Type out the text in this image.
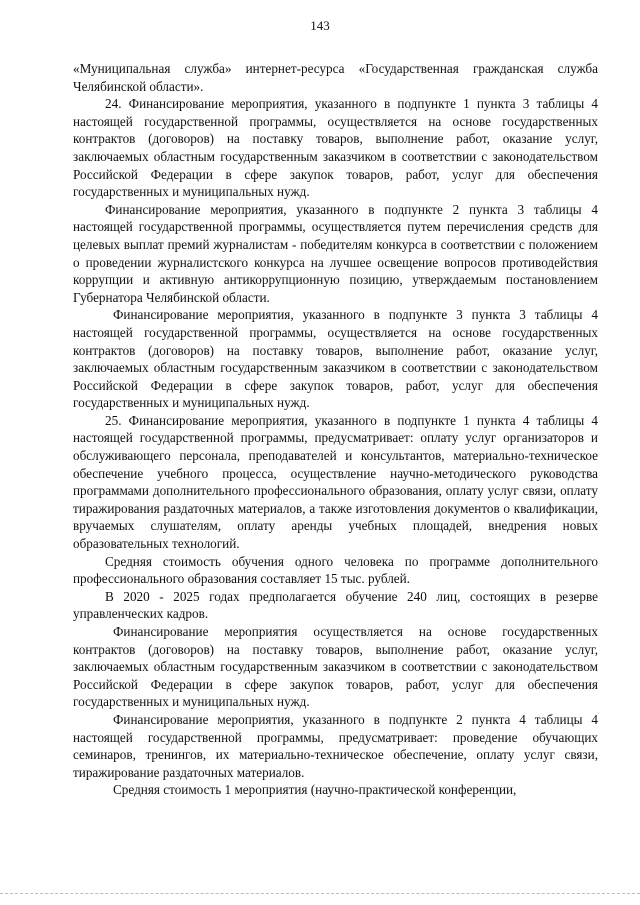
143

«Муниципальная служба» интернет-ресурса «Государственная гражданская служба Челябинской области».

24. Финансирование мероприятия, указанного в подпункте 1 пункта 3 таблицы 4 настоящей государственной программы, осуществляется на основе государственных контрактов (договоров) на поставку товаров, выполнение работ, оказание услуг, заключаемых областным государственным заказчиком в соответствии с законодательством Российской Федерации в сфере закупок товаров, работ, услуг для обеспечения государственных и муниципальных нужд.

Финансирование мероприятия, указанного в подпункте 2 пункта 3 таблицы 4 настоящей государственной программы, осуществляется путем перечисления средств для целевых выплат премий журналистам - победителям конкурса в соответствии с положением о проведении журналистского конкурса на лучшее освещение вопросов противодействия коррупции и активную антикоррупционную позицию, утверждаемым постановлением Губернатора Челябинской области.

Финансирование мероприятия, указанного в подпункте 3 пункта 3 таблицы 4 настоящей государственной программы, осуществляется на основе государственных контрактов (договоров) на поставку товаров, выполнение работ, оказание услуг, заключаемых областным государственным заказчиком в соответствии с законодательством Российской Федерации в сфере закупок товаров, работ, услуг для обеспечения государственных и муниципальных нужд.

25. Финансирование мероприятия, указанного в подпункте 1 пункта 4 таблицы 4 настоящей государственной программы, предусматривает: оплату услуг организаторов и обслуживающего персонала, преподавателей и консультантов, материально-техническое обеспечение учебного процесса, осуществление научно-методического руководства программами дополнительного профессионального образования, оплату услуг связи, оплату тиражирования раздаточных материалов, а также изготовления документов о квалификации, вручаемых слушателям, оплату аренды учебных площадей, внедрения новых образовательных технологий.

Средняя стоимость обучения одного человека по программе дополнительного профессионального образования составляет 15 тыс. рублей.

В 2020 - 2025 годах предполагается обучение 240 лиц, состоящих в резерве управленческих кадров.

Финансирование мероприятия осуществляется на основе государственных контрактов (договоров) на поставку товаров, выполнение работ, оказание услуг, заключаемых областным государственным заказчиком в соответствии с законодательством Российской Федерации в сфере закупок товаров, работ, услуг для обеспечения государственных и муниципальных нужд.

Финансирование мероприятия, указанного в подпункте 2 пункта 4 таблицы 4 настоящей государственной программы, предусматривает: проведение обучающих семинаров, тренингов, их материально-техническое обеспечение, оплату услуг связи, тиражирование раздаточных материалов.

Средняя стоимость 1 мероприятия (научно-практической конференции,
